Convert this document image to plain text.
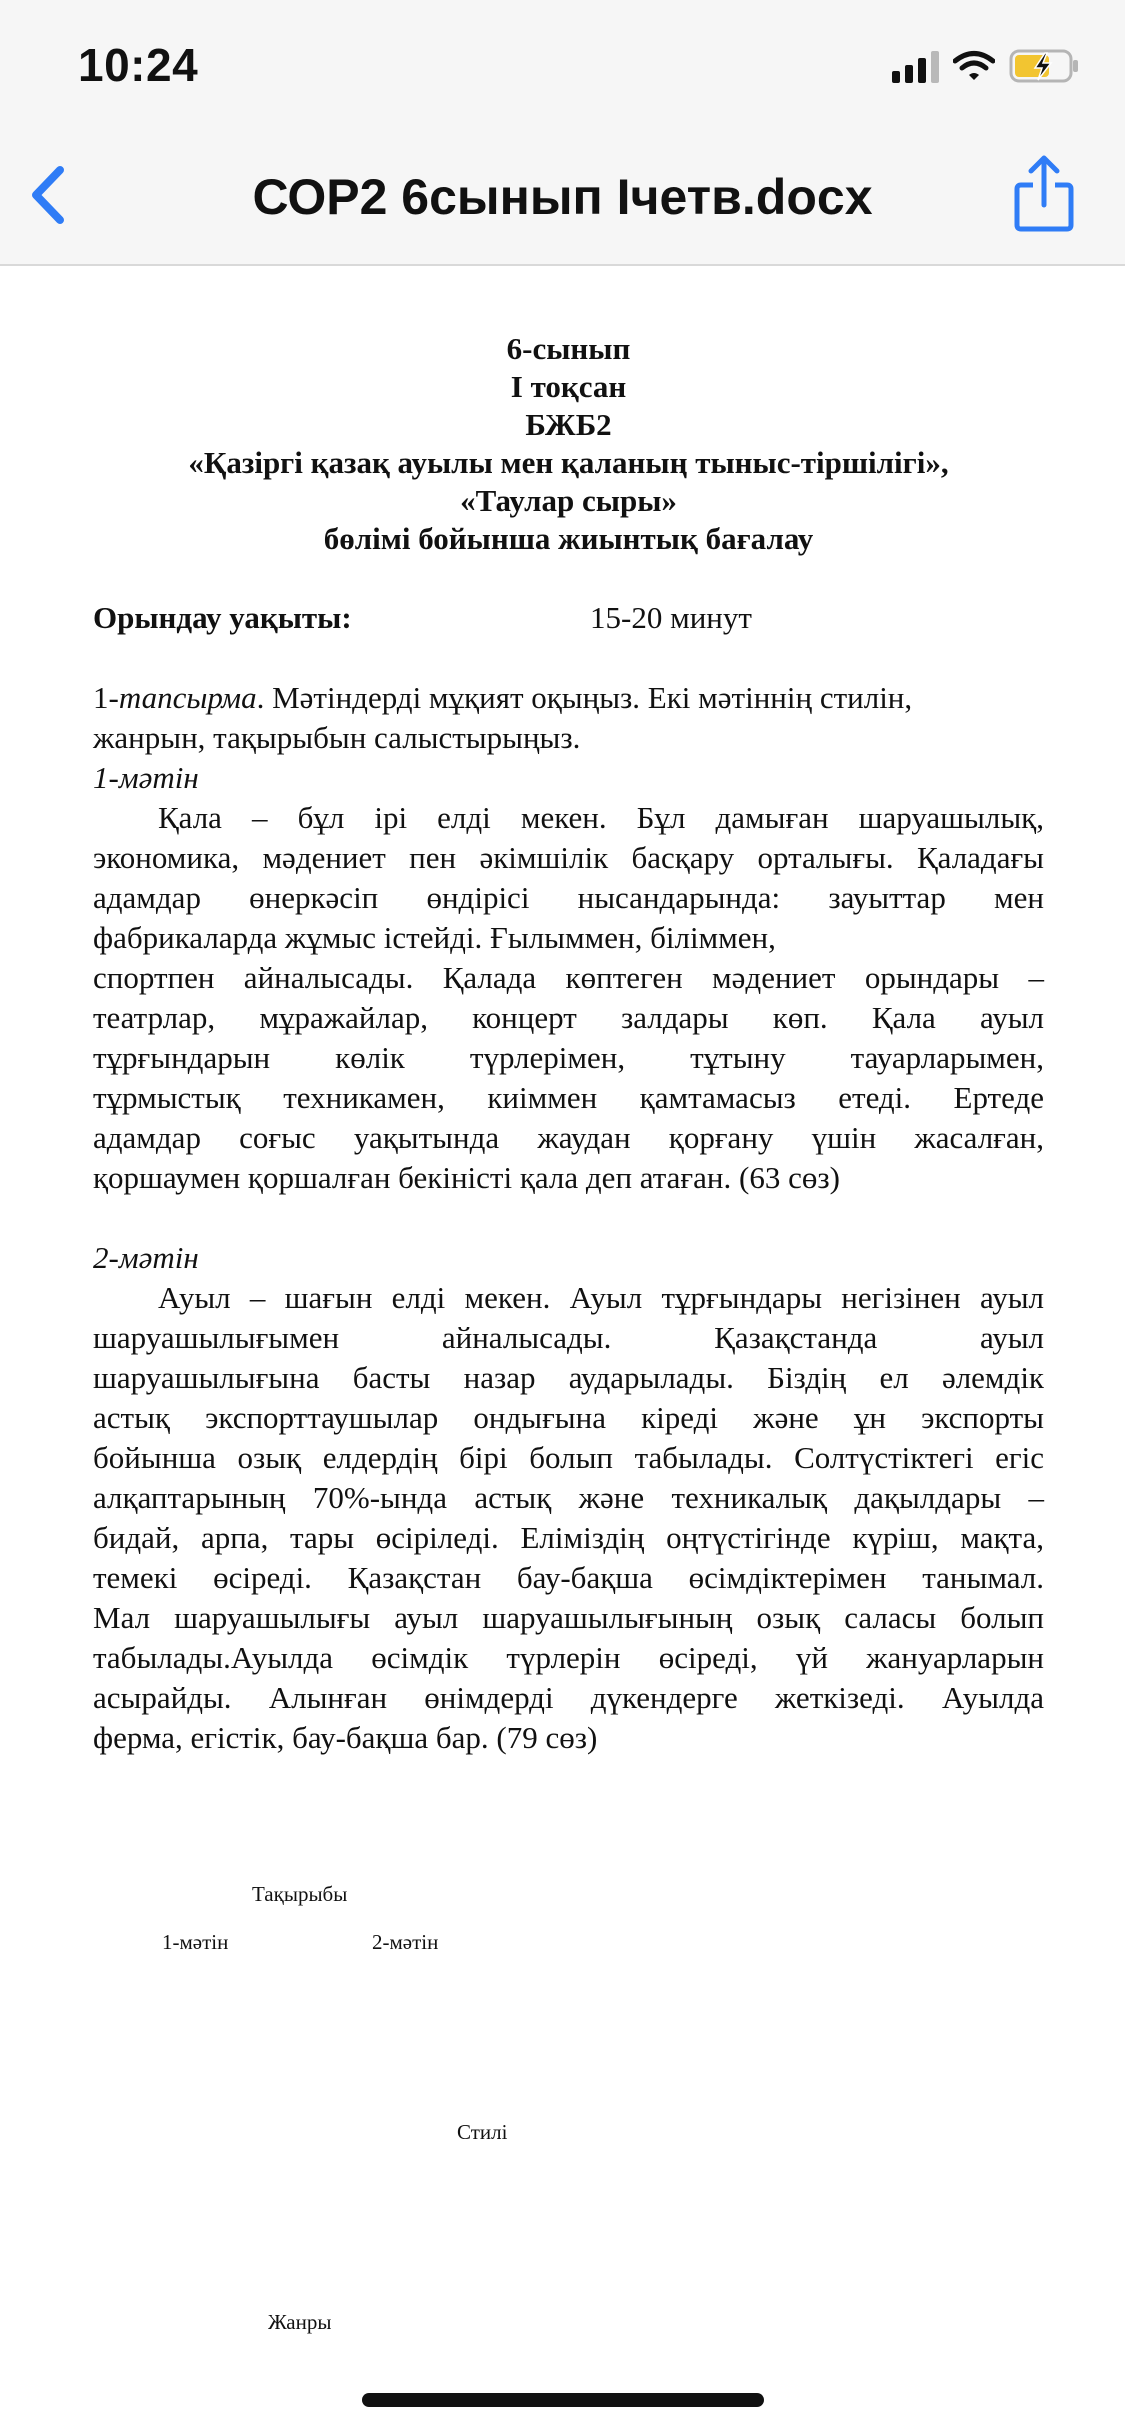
10:24
СОР2 6сынып Ічетв.docx
6-сынып
І тоқсан
БЖБ2
«Қазіргі қазақ ауылы мен қаланың тыныс-тіршілігі»,
«Таулар сыры»
бөлімі бойынша жиынтық бағалау
Орындау уақыты:	15-20 минут
1-тапсырма. Мәтіндерді мұқият оқыңыз. Екі мәтіннің стилін,
жанрын, тақырыбын салыстырыңыз.
1-мәтін
Қала – бұл ірі елді мекен. Бұл дамыған шаруашылық,
экономика, мәдениет пен әкімшілік басқару орталығы. Қаладағы
адамдар өнеркәсіп өндірісі нысандарында: зауыттар мен
фабрикаларда жұмыс істейді. Ғылыммен, біліммен,
спортпен айналысады. Қалада көптеген мәдениет орындары –
театрлар, мұражайлар, концерт залдары көп. Қала ауыл
тұрғындарын көлік түрлерімен, тұтыну тауарларымен,
тұрмыстық техникамен, киіммен қамтамасыз етеді. Ертеде
адамдар соғыс уақытында жаудан қорғану үшін жасалған,
қоршаумен қоршалған бекіністі қала деп атаған. (63 сөз)
2-мәтін
Ауыл – шағын елді мекен. Ауыл тұрғындары негізінен ауыл
шаруашылығымен айналысады. Қазақстанда ауыл
шаруашылығына басты назар аударылады. Біздің ел әлемдік
астық экспорттаушылар ондығына кіреді және ұн экспорты
бойынша озық елдердің бірі болып табылады. Солтүстіктегі егіс
алқаптарының 70%-ында астық және техникалық дақылдары –
бидай, арпа, тары өсіріледі. Еліміздің оңтүстігінде күріш, мақта,
темекі өсіреді. Қазақстан бау-бақша өсімдіктерімен танымал.
Мал шаруашылығы ауыл шаруашылығының озық саласы болып
табылады.Ауылда өсімдік түрлерін өсіреді, үй жануарларын
асырайды. Алынған өнімдерді дүкендерге жеткізеді. Ауылда
ферма, егістік, бау-бақша бар. (79 сөз)
Тақырыбы
1-мәтін	2-мәтін
Стилі
Жанры
